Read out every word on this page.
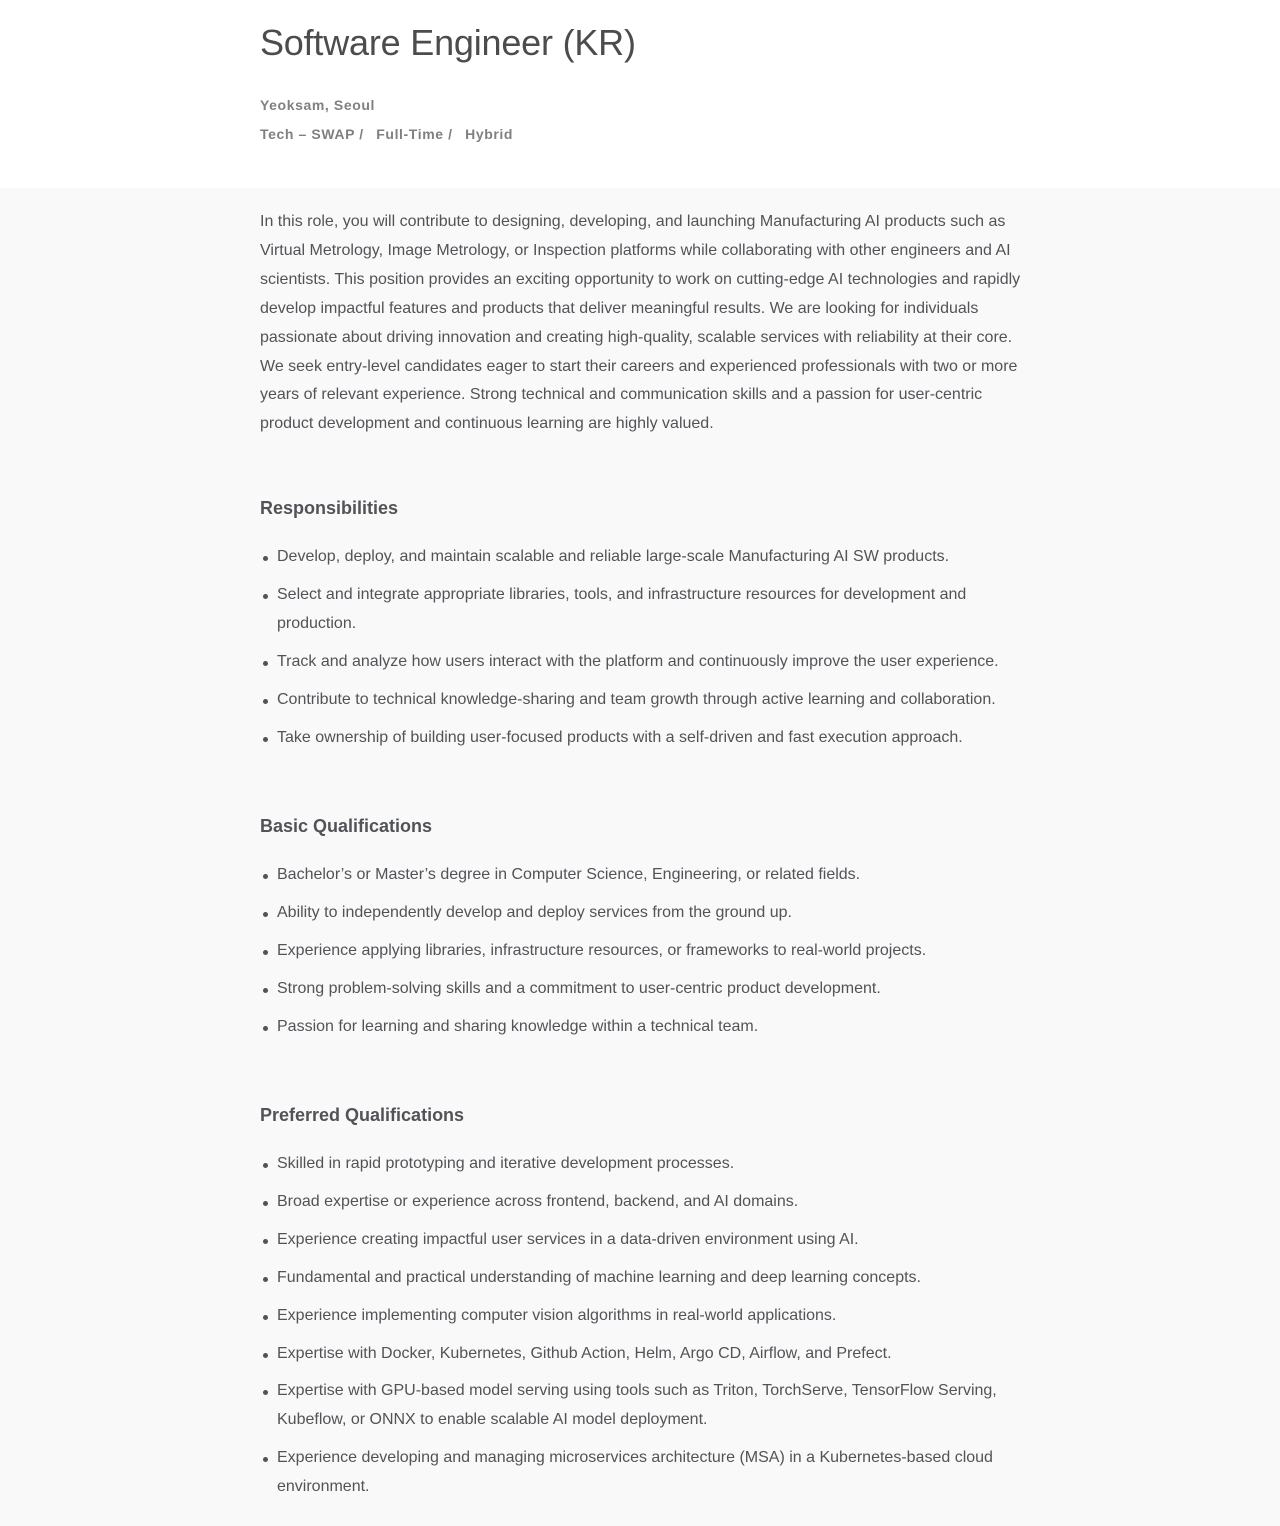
Software Engineer (KR)
Yeoksam, Seoul
Tech – SWAP / Full-Time / Hybrid
In this role, you will contribute to designing, developing, and launching Manufacturing AI products such as Virtual Metrology, Image Metrology, or Inspection platforms while collaborating with other engineers and AI scientists. This position provides an exciting opportunity to work on cutting-edge AI technologies and rapidly develop impactful features and products that deliver meaningful results. We are looking for individuals passionate about driving innovation and creating high-quality, scalable services with reliability at their core. We seek entry-level candidates eager to start their careers and experienced professionals with two or more years of relevant experience. Strong technical and communication skills and a passion for user-centric product development and continuous learning are highly valued.
Responsibilities
Develop, deploy, and maintain scalable and reliable large-scale Manufacturing AI SW products.
Select and integrate appropriate libraries, tools, and infrastructure resources for development and production.
Track and analyze how users interact with the platform and continuously improve the user experience.
Contribute to technical knowledge-sharing and team growth through active learning and collaboration.
Take ownership of building user-focused products with a self-driven and fast execution approach.
Basic Qualifications
Bachelor’s or Master’s degree in Computer Science, Engineering, or related fields.
Ability to independently develop and deploy services from the ground up.
Experience applying libraries, infrastructure resources, or frameworks to real-world projects.
Strong problem-solving skills and a commitment to user-centric product development.
Passion for learning and sharing knowledge within a technical team.
Preferred Qualifications
Skilled in rapid prototyping and iterative development processes.
Broad expertise or experience across frontend, backend, and AI domains.
Experience creating impactful user services in a data-driven environment using AI.
Fundamental and practical understanding of machine learning and deep learning concepts.
Experience implementing computer vision algorithms in real-world applications.
Expertise with Docker, Kubernetes, Github Action, Helm, Argo CD, Airflow, and Prefect.
Expertise with GPU-based model serving using tools such as Triton, TorchServe, TensorFlow Serving, Kubeflow, or ONNX to enable scalable AI model deployment.
Experience developing and managing microservices architecture (MSA) in a Kubernetes-based cloud environment.
